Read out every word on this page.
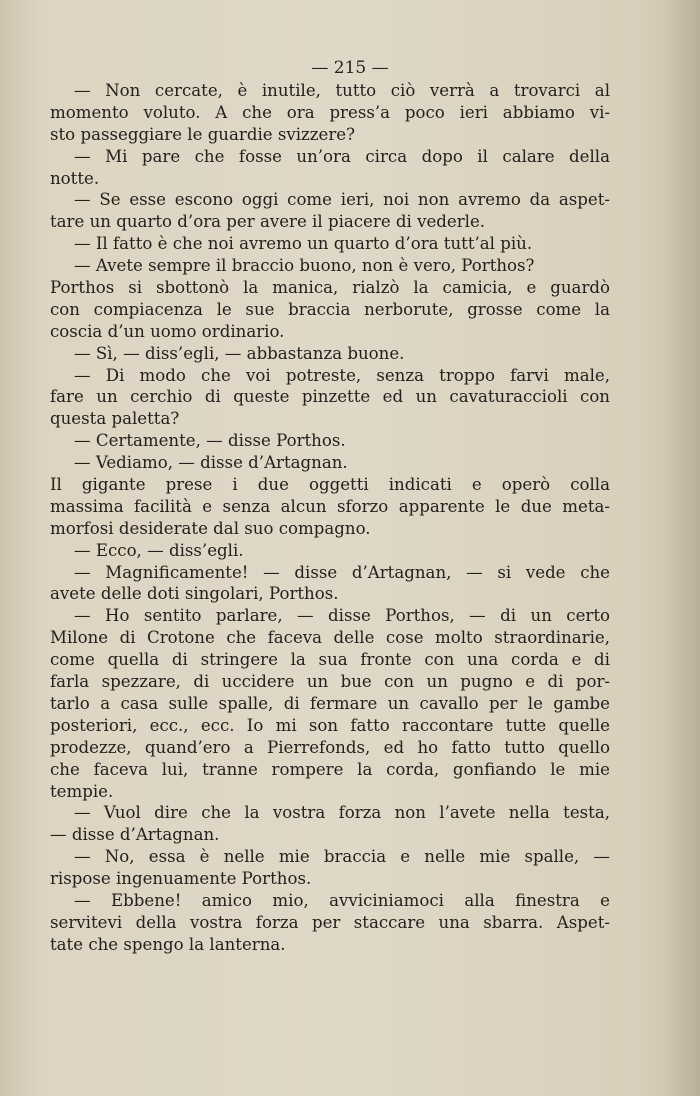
— 215 —

— Non cercate, è inutile, tutto ciò verrà a trovarci al
momento voluto. A che ora press’a poco ieri abbiamo vi-
sto passeggiare le guardie svizzere?
— Mi pare che fosse un’ora circa dopo il calare della
notte.
— Se esse escono oggi come ieri, noi non avremo da aspet-
tare un quarto d’ora per avere il piacere di vederle.
— Il fatto è che noi avremo un quarto d’ora tutt’al più.
— Avete sempre il braccio buono, non è vero, Porthos?
Porthos si sbottonò la manica, rialzò la camicia, e guardò
con compiacenza le sue braccia nerborute, grosse come la
coscia d’un uomo ordinario.
— Sì, — diss’egli, — abbastanza buone.
— Di modo che voi potreste, senza troppo farvi male,
fare un cerchio di queste pinzette ed un cavaturaccioli con
questa paletta?
— Certamente, — disse Porthos.
— Vediamo, — disse d’Artagnan.
Il gigante prese i due oggetti indicati e operò colla
massima facilità e senza alcun sforzo apparente le due meta-
morfosi desiderate dal suo compagno.
— Ecco, — diss’egli.
— Magnificamente! — disse d’Artagnan, — si vede che
avete delle doti singolari, Porthos.
— Ho sentito parlare, — disse Porthos, — di un certo
Milone di Crotone che faceva delle cose molto straordinarie,
come quella di stringere la sua fronte con una corda e di
farla spezzare, di uccidere un bue con un pugno e di por-
tarlo a casa sulle spalle, di fermare un cavallo per le gambe
posteriori, ecc., ecc. Io mi son fatto raccontare tutte quelle
prodezze, quand’ero a Pierrefonds, ed ho fatto tutto quello
che faceva lui, tranne rompere la corda, gonfiando le mie
tempie.
— Vuol dire che la vostra forza non l’avete nella testa,
— disse d’Artagnan.
— No, essa è nelle mie braccia e nelle mie spalle, —
rispose ingenuamente Porthos.
— Ebbene! amico mio, avviciniamoci alla finestra e
servitevi della vostra forza per staccare una sbarra. Aspet-
tate che spengo la lanterna.
